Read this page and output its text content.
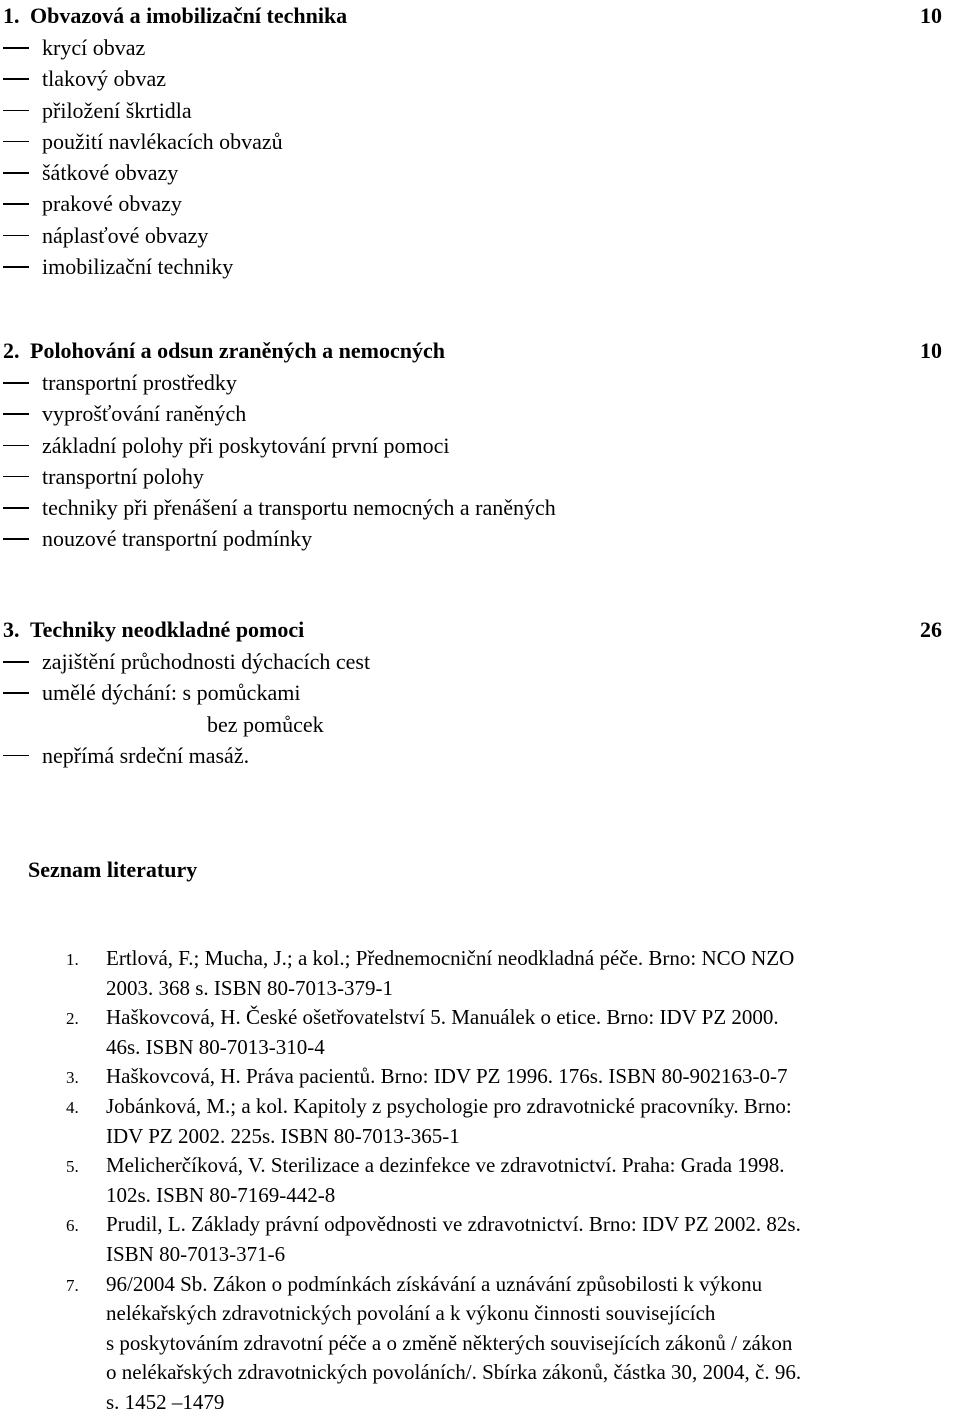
1. Obvazová a imobilizační technika	10
krycí obvaz
tlakový obvaz
přiložení škrtidla
použití navlékacích obvazů
šátkové obvazy
prakové obvazy
náplasťové obvazy
imobilizační techniky
2. Polohování a odsun zraněných a nemocných	10
transportní prostředky
vyprošťování raněných
základní polohy při poskytování první pomoci
transportní polohy
techniky při přenášení a transportu nemocných a raněných
nouzové transportní podmínky
3. Techniky neodkladné pomoci	26
zajištění průchodnosti dýchacích cest
umělé dýchání: s pomůckami
bez pomůcek
nepřímá srdeční masáž.
Seznam literatury
1. Ertlová, F.; Mucha, J.; a kol.; Přednemocniční neodkladná péče. Brno: NCO NZO
2003. 368 s. ISBN 80-7013-379-1
2. Haškovcová, H. České ošetřovatelství 5. Manuálek o etice. Brno: IDV PZ 2000.
46s. ISBN 80-7013-310-4
3. Haškovcová, H. Práva pacientů. Brno: IDV PZ 1996. 176s. ISBN 80-902163-0-7
4. Jobánková, M.; a kol. Kapitoly z psychologie pro zdravotnické pracovníky. Brno:
IDV PZ 2002. 225s. ISBN 80-7013-365-1
5. Melicherčíková, V. Sterilizace a dezinfekce ve zdravotnictví. Praha: Grada 1998.
102s. ISBN 80-7169-442-8
6. Prudil, L. Základy právní odpovědnosti ve zdravotnictví. Brno: IDV PZ 2002. 82s.
ISBN 80-7013-371-6
7. 96/2004 Sb. Zákon o podmínkách získávání a uznávání způsobilosti k výkonu
nelékařských zdravotnických povolání a k výkonu činnosti souvisejících
s poskytováním zdravotní péče a o změně některých souvisejících zákonů / zákon
o nelékařských zdravotnických povoláních/. Sbírka zákonů, částka 30, 2004, č. 96.
s. 1452 –1479
